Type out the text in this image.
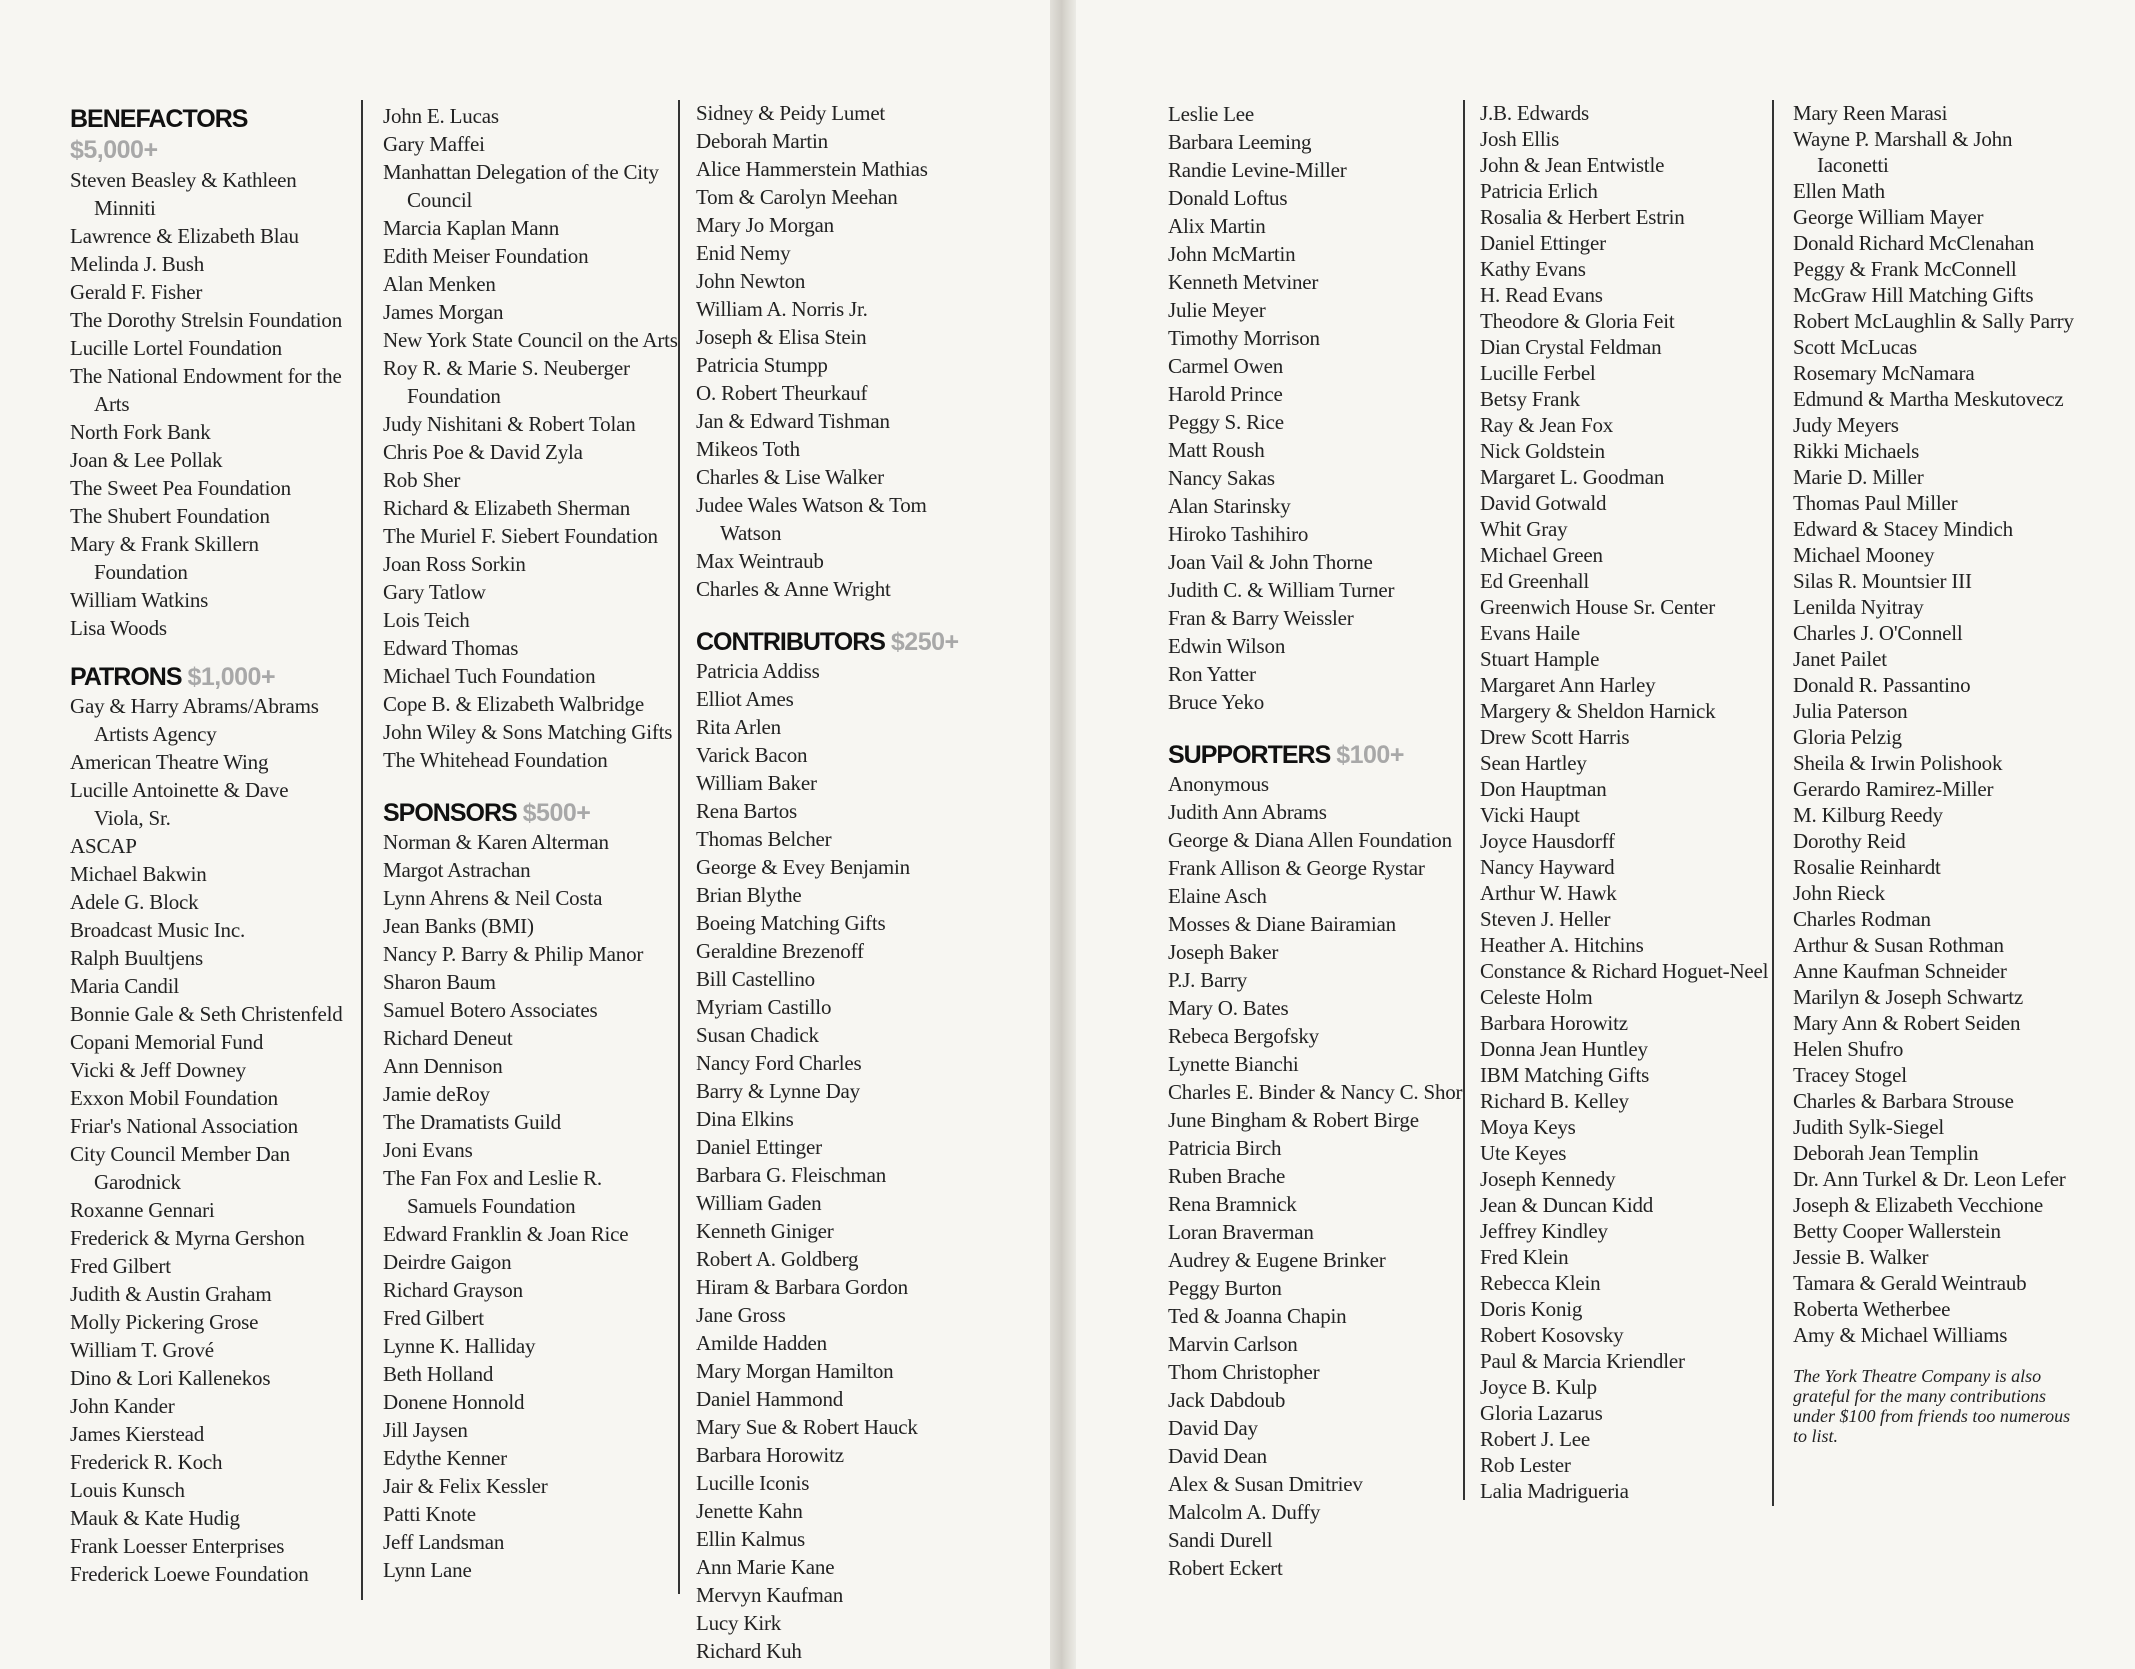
BENEFACTORS
$5,000+
Steven Beasley & Kathleen
Minniti
Lawrence & Elizabeth Blau
Melinda J. Bush
Gerald F. Fisher
The Dorothy Strelsin Foundation
Lucille Lortel Foundation
The National Endowment for the
Arts
North Fork Bank
Joan & Lee Pollak
The Sweet Pea Foundation
The Shubert Foundation
Mary & Frank Skillern
Foundation
William Watkins
Lisa Woods
PATRONS $1,000+
Gay & Harry Abrams/Abrams
Artists Agency
American Theatre Wing
Lucille Antoinette & Dave
Viola, Sr.
ASCAP
Michael Bakwin
Adele G. Block
Broadcast Music Inc.
Ralph Buultjens
Maria Candil
Bonnie Gale & Seth Christenfeld
Copani Memorial Fund
Vicki & Jeff Downey
Exxon Mobil Foundation
Friar's National Association
City Council Member Dan
Garodnick
Roxanne Gennari
Frederick & Myrna Gershon
Fred Gilbert
Judith & Austin Graham
Molly Pickering Grose
William T. Grové
Dino & Lori Kallenekos
John Kander
James Kierstead
Frederick R. Koch
Louis Kunsch
Mauk & Kate Hudig
Frank Loesser Enterprises
Frederick Loewe Foundation
John E. Lucas
Gary Maffei
Manhattan Delegation of the City
Council
Marcia Kaplan Mann
Edith Meiser Foundation
Alan Menken
James Morgan
New York State Council on the Arts
Roy R. & Marie S. Neuberger
Foundation
Judy Nishitani & Robert Tolan
Chris Poe & David Zyla
Rob Sher
Richard & Elizabeth Sherman
The Muriel F. Siebert Foundation
Joan Ross Sorkin
Gary Tatlow
Lois Teich
Edward Thomas
Michael Tuch Foundation
Cope B. & Elizabeth Walbridge
John Wiley & Sons Matching Gifts
The Whitehead Foundation
SPONSORS $500+
Norman & Karen Alterman
Margot Astrachan
Lynn Ahrens & Neil Costa
Jean Banks (BMI)
Nancy P. Barry & Philip Manor
Sharon Baum
Samuel Botero Associates
Richard Deneut
Ann Dennison
Jamie deRoy
The Dramatists Guild
Joni Evans
The Fan Fox and Leslie R.
Samuels Foundation
Edward Franklin & Joan Rice
Deirdre Gaigon
Richard Grayson
Fred Gilbert
Lynne K. Halliday
Beth Holland
Donene Honnold
Jill Jaysen
Edythe Kenner
Jair & Felix Kessler
Patti Knote
Jeff Landsman
Lynn Lane
Sidney & Peidy Lumet
Deborah Martin
Alice Hammerstein Mathias
Tom & Carolyn Meehan
Mary Jo Morgan
Enid Nemy
John Newton
William A. Norris Jr.
Joseph & Elisa Stein
Patricia Stumpp
O. Robert Theurkauf
Jan & Edward Tishman
Mikeos Toth
Charles & Lise Walker
Judee Wales Watson & Tom
Watson
Max Weintraub
Charles & Anne Wright
CONTRIBUTORS $250+
Patricia Addiss
Elliot Ames
Rita Arlen
Varick Bacon
William Baker
Rena Bartos
Thomas Belcher
George & Evey Benjamin
Brian Blythe
Boeing Matching Gifts
Geraldine Brezenoff
Bill Castellino
Myriam Castillo
Susan Chadick
Nancy Ford Charles
Barry & Lynne Day
Dina Elkins
Daniel Ettinger
Barbara G. Fleischman
William Gaden
Kenneth Giniger
Robert A. Goldberg
Hiram & Barbara Gordon
Jane Gross
Amilde Hadden
Mary Morgan Hamilton
Daniel Hammond
Mary Sue & Robert Hauck
Barbara Horowitz
Lucille Iconis
Jenette Kahn
Ellin Kalmus
Ann Marie Kane
Mervyn Kaufman
Lucy Kirk
Richard Kuh
Leslie Lee
Barbara Leeming
Randie Levine-Miller
Donald Loftus
Alix Martin
John McMartin
Kenneth Metviner
Julie Meyer
Timothy Morrison
Carmel Owen
Harold Prince
Peggy S. Rice
Matt Roush
Nancy Sakas
Alan Starinsky
Hiroko Tashihiro
Joan Vail & John Thorne
Judith C. & William Turner
Fran & Barry Weissler
Edwin Wilson
Ron Yatter
Bruce Yeko
SUPPORTERS $100+
Anonymous
Judith Ann Abrams
George & Diana Allen Foundation
Frank Allison & George Rystar
Elaine Asch
Mosses & Diane Bairamian
Joseph Baker
P.J. Barry
Mary O. Bates
Rebeca Bergofsky
Lynette Bianchi
Charles E. Binder & Nancy C. Shor
June Bingham & Robert Birge
Patricia Birch
Ruben Brache
Rena Bramnick
Loran Braverman
Audrey & Eugene Brinker
Peggy Burton
Ted & Joanna Chapin
Marvin Carlson
Thom Christopher
Jack Dabdoub
David Day
David Dean
Alex & Susan Dmitriev
Malcolm A. Duffy
Sandi Durell
Robert Eckert
J.B. Edwards
Josh Ellis
John & Jean Entwistle
Patricia Erlich
Rosalia & Herbert Estrin
Daniel Ettinger
Kathy Evans
H. Read Evans
Theodore & Gloria Feit
Dian Crystal Feldman
Lucille Ferbel
Betsy Frank
Ray & Jean Fox
Nick Goldstein
Margaret L. Goodman
David Gotwald
Whit Gray
Michael Green
Ed Greenhall
Greenwich House Sr. Center
Evans Haile
Stuart Hample
Margaret Ann Harley
Margery & Sheldon Harnick
Drew Scott Harris
Sean Hartley
Don Hauptman
Vicki Haupt
Joyce Hausdorff
Nancy Hayward
Arthur W. Hawk
Steven J. Heller
Heather A. Hitchins
Constance & Richard Hoguet-Neel
Celeste Holm
Barbara Horowitz
Donna Jean Huntley
IBM Matching Gifts
Richard B. Kelley
Moya Keys
Ute Keyes
Joseph Kennedy
Jean & Duncan Kidd
Jeffrey Kindley
Fred Klein
Rebecca Klein
Doris Konig
Robert Kosovsky
Paul & Marcia Kriendler
Joyce B. Kulp
Gloria Lazarus
Robert J. Lee
Rob Lester
Lalia Madrigueria
Mary Reen Marasi
Wayne P. Marshall & John
Iaconetti
Ellen Math
George William Mayer
Donald Richard McClenahan
Peggy & Frank McConnell
McGraw Hill Matching Gifts
Robert McLaughlin & Sally Parry
Scott McLucas
Rosemary McNamara
Edmund & Martha Meskutovecz
Judy Meyers
Rikki Michaels
Marie D. Miller
Thomas Paul Miller
Edward & Stacey Mindich
Michael Mooney
Silas R. Mountsier III
Lenilda Nyitray
Charles J. O'Connell
Janet Pailet
Donald R. Passantino
Julia Paterson
Gloria Pelzig
Sheila & Irwin Polishook
Gerardo Ramirez-Miller
M. Kilburg Reedy
Dorothy Reid
Rosalie Reinhardt
John Rieck
Charles Rodman
Arthur & Susan Rothman
Anne Kaufman Schneider
Marilyn & Joseph Schwartz
Mary Ann & Robert Seiden
Helen Shufro
Tracey Stogel
Charles & Barbara Strouse
Judith Sylk-Siegel
Deborah Jean Templin
Dr. Ann Turkel & Dr. Leon Lefer
Joseph & Elizabeth Vecchione
Betty Cooper Wallerstein
Jessie B. Walker
Tamara & Gerald Weintraub
Roberta Wetherbee
Amy & Michael Williams
The York Theatre Company is also grateful for the many contributions under $100 from friends too numerous to list.
